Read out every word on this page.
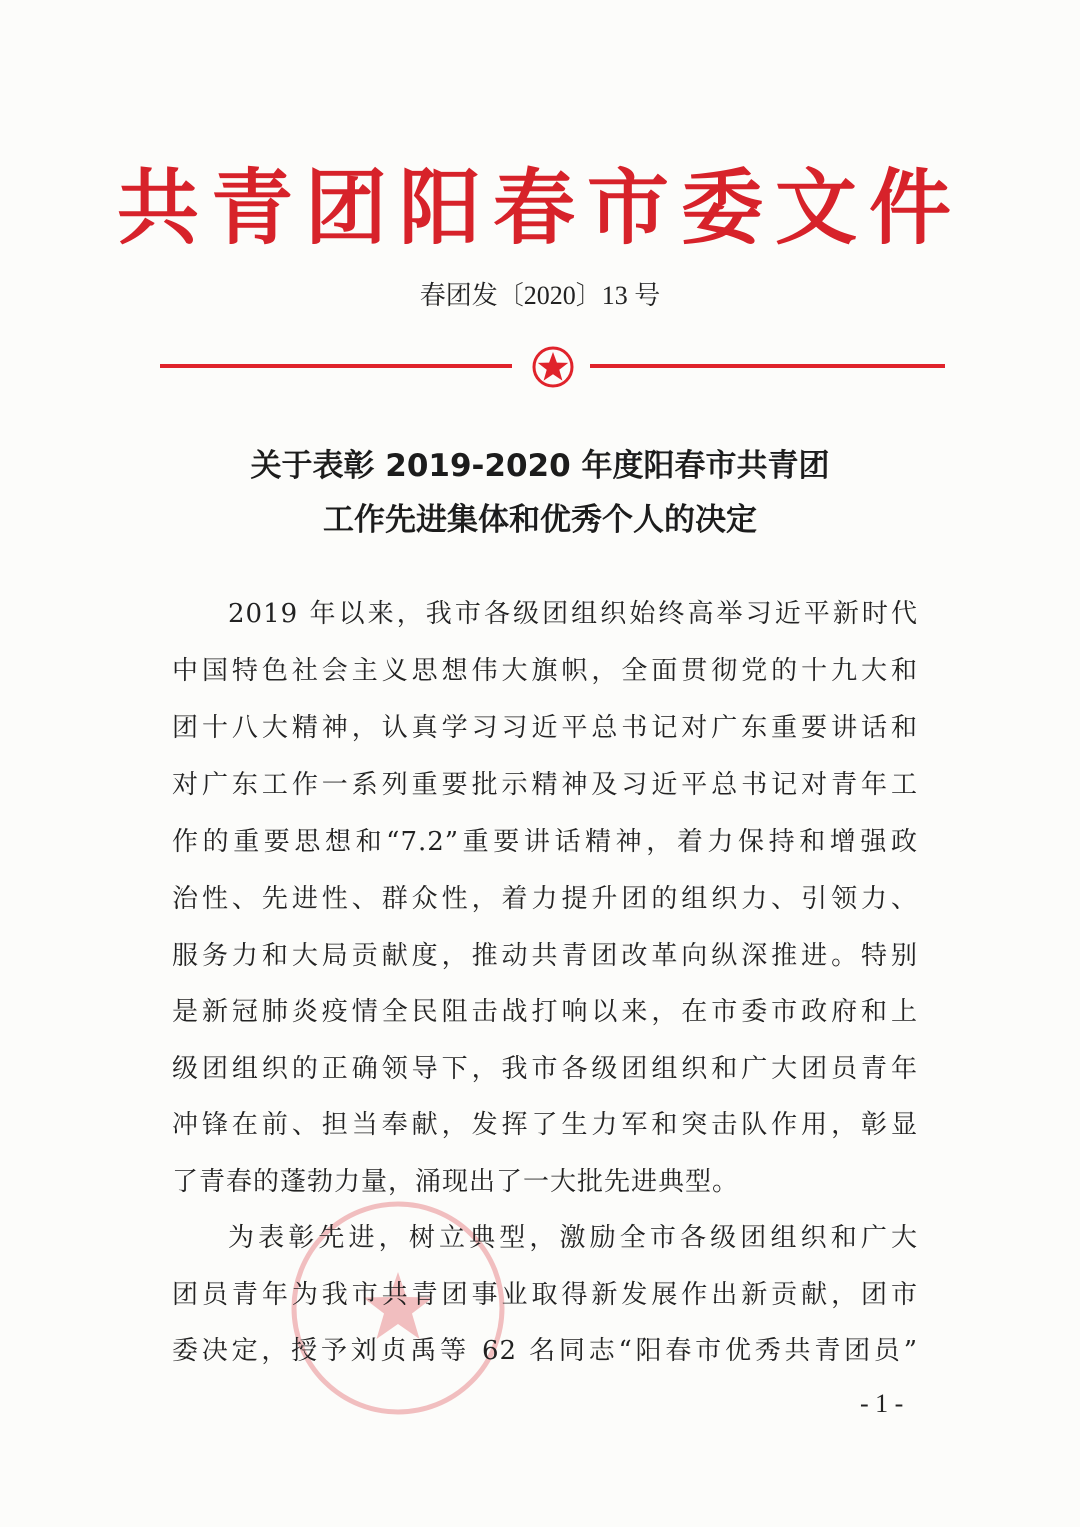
共青团阳春市委文件
春团发〔2020〕13 号
关于表彰 2019-2020 年度阳春市共青团
工作先进集体和优秀个人的决定
2019 年以来，我市各级团组织始终高举习近平新时代
中国特色社会主义思想伟大旗帜，全面贯彻党的十九大和
团十八大精神，认真学习习近平总书记对广东重要讲话和
对广东工作一系列重要批示精神及习近平总书记对青年工
作的重要思想和“7.2”重要讲话精神，着力保持和增强政
治性、先进性、群众性，着力提升团的组织力、引领力、
服务力和大局贡献度，推动共青团改革向纵深推进。特别
是新冠肺炎疫情全民阻击战打响以来，在市委市政府和上
级团组织的正确领导下，我市各级团组织和广大团员青年
冲锋在前、担当奉献，发挥了生力军和突击队作用，彰显
了青春的蓬勃力量，涌现出了一大批先进典型。
为表彰先进，树立典型，激励全市各级团组织和广大
团员青年为我市共青团事业取得新发展作出新贡献，团市
委决定，授予刘贞禹等 62 名同志“阳春市优秀共青团员”
- 1 -
